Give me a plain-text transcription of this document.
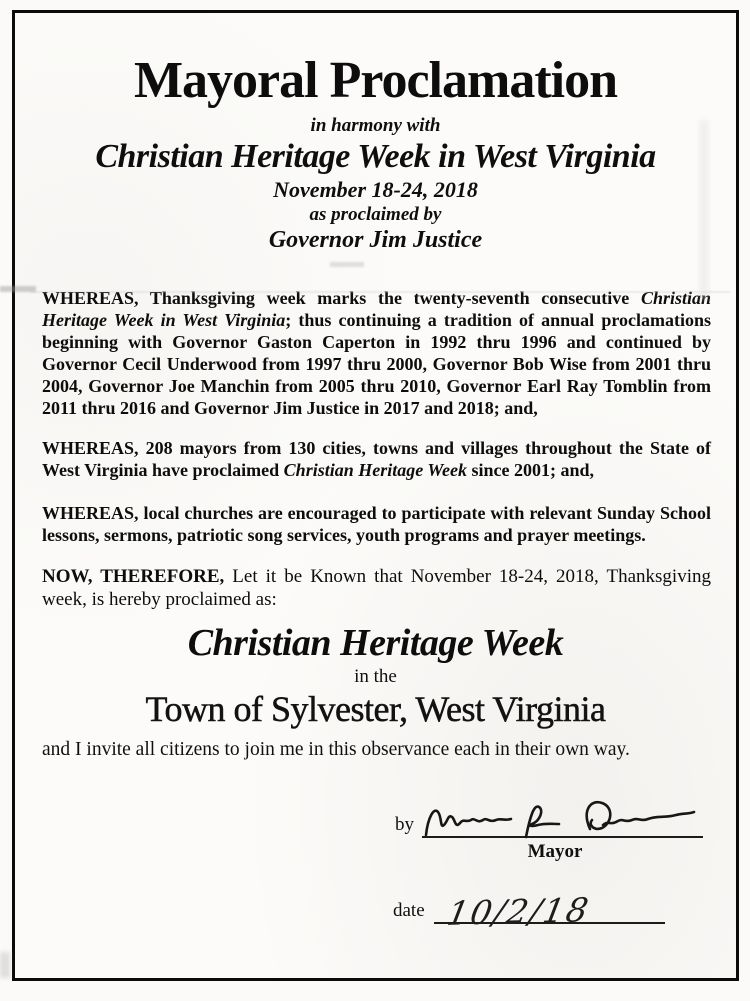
Mayoral Proclamation
in harmony with
Christian Heritage Week in West Virginia
November 18-24, 2018
as proclaimed by
Governor Jim Justice

WHEREAS, Thanksgiving week marks the twenty-seventh consecutive Christian Heritage Week in West Virginia; thus continuing a tradition of annual proclamations beginning with Governor Gaston Caperton in 1992 thru 1996 and continued by Governor Cecil Underwood from 1997 thru 2000, Governor Bob Wise from 2001 thru 2004, Governor Joe Manchin from 2005 thru 2010, Governor Earl Ray Tomblin from 2011 thru 2016 and Governor Jim Justice in 2017 and 2018; and,

WHEREAS, 208 mayors from 130 cities, towns and villages throughout the State of West Virginia have proclaimed Christian Heritage Week since 2001; and,

WHEREAS, local churches are encouraged to participate with relevant Sunday School lessons, sermons, patriotic song services, youth programs and prayer meetings.

NOW, THEREFORE, Let it be Known that November 18-24, 2018, Thanksgiving week, is hereby proclaimed as:

Christian Heritage Week
in the
Town of Sylvester, West Virginia

and I invite all citizens to join me in this observance each in their own way.

by
Mayor
date 10/2/18
